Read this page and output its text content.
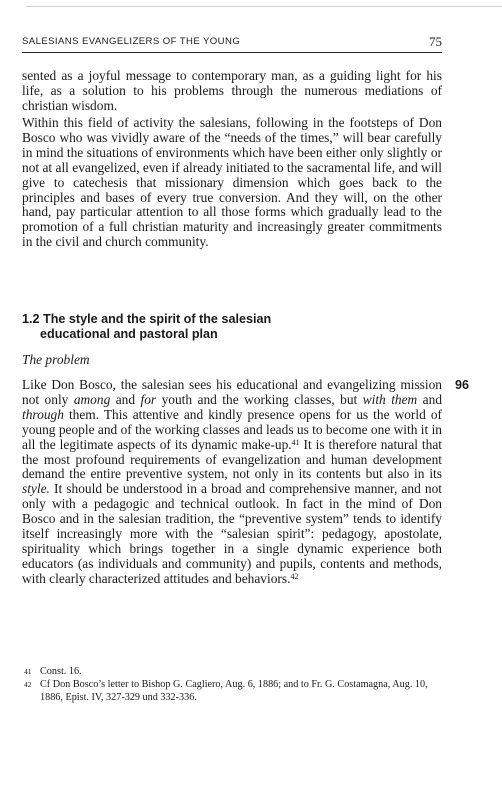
SALESIANS EVANGELIZERS OF THE YOUNG	75

sented as a joyful message to contemporary man, as a guiding light for his life, as a solution to his problems through the numerous mediations of christian wisdom.

Within this field of activity the salesians, following in the footsteps of Don Bosco who was vividly aware of the “needs of the times,” will bear carefully in mind the situations of environments which have been either only slightly or not at all evangelized, even if already initiated to the sacramental life, and will give to catechesis that missionary dimension which goes back to the principles and bases of every true conversion. And they will, on the other hand, pay particular attention to all those forms which gradually lead to the promotion of a full christian maturity and increasingly greater commitments in the civil and church community.

1.2 The style and the spirit of the salesian
educational and pastoral plan
The problem
96

Like Don Bosco, the salesian sees his educational and evangelizing mission not only among and for youth and the working classes, but with them and through them. This attentive and kindly presence opens for us the world of young people and of the working classes and leads us to become one with it in all the legitimate aspects of its dynamic make-up.$^{41}$ It is therefore natural that the most profound requirements of evangelization and human development demand the entire preventive system, not only in its contents but also in its style. It should be understood in a broad and comprehensive manner, and not only with a pedagogic and technical outlook. In fact in the mind of Don Bosco and in the salesian tradition, the “preventive system” tends to identify itself increasingly more with the “salesian spirit”: pedagogy, apostolate, spirituality which brings together in a single dynamic experience both educators (as individuals and community) and pupils, contents and methods, with clearly characterized attitudes and behaviors.$^{42}$

41 Const. 16.
42 Cf Don Bosco’s letter to Bishop G. Cagliero, Aug. 6, 1886; and to Fr. G. Costamagna, Aug. 10, 1886, Epist. IV, 327-329 und 332-336.
